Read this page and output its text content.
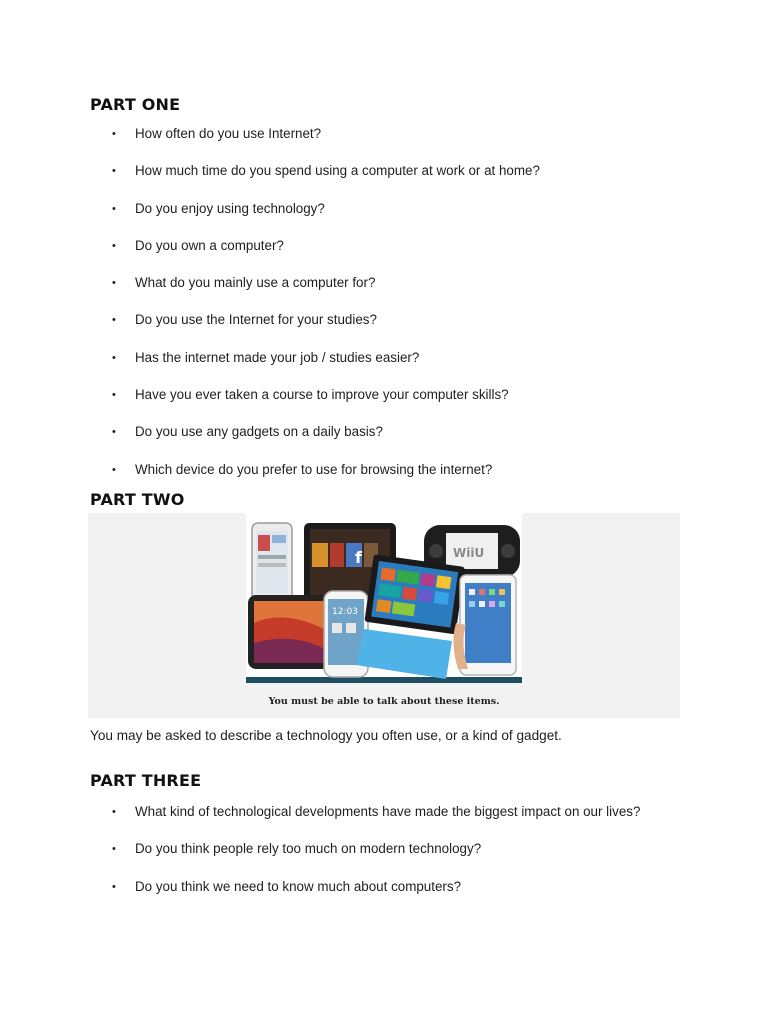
PART ONE
• How often do you use Internet?
• How much time do you spend using a computer at work or at home?
• Do you enjoy using technology?
• Do you own a computer?
• What do you mainly use a computer for?
• Do you use the Internet for your studies?
• Has the internet made your job / studies easier?
• Have you ever taken a course to improve your computer skills?
• Do you use any gadgets on a daily basis?
• Which device do you prefer to use for browsing the internet?
PART TWO
f	WiiU
12:03
You must be able to talk about these items.

You may be asked to describe a technology you often use, or a kind of gadget.

PART THREE
• What kind of technological developments have made the biggest impact on our lives?
• Do you think people rely too much on modern technology?
• Do you think we need to know much about computers?
